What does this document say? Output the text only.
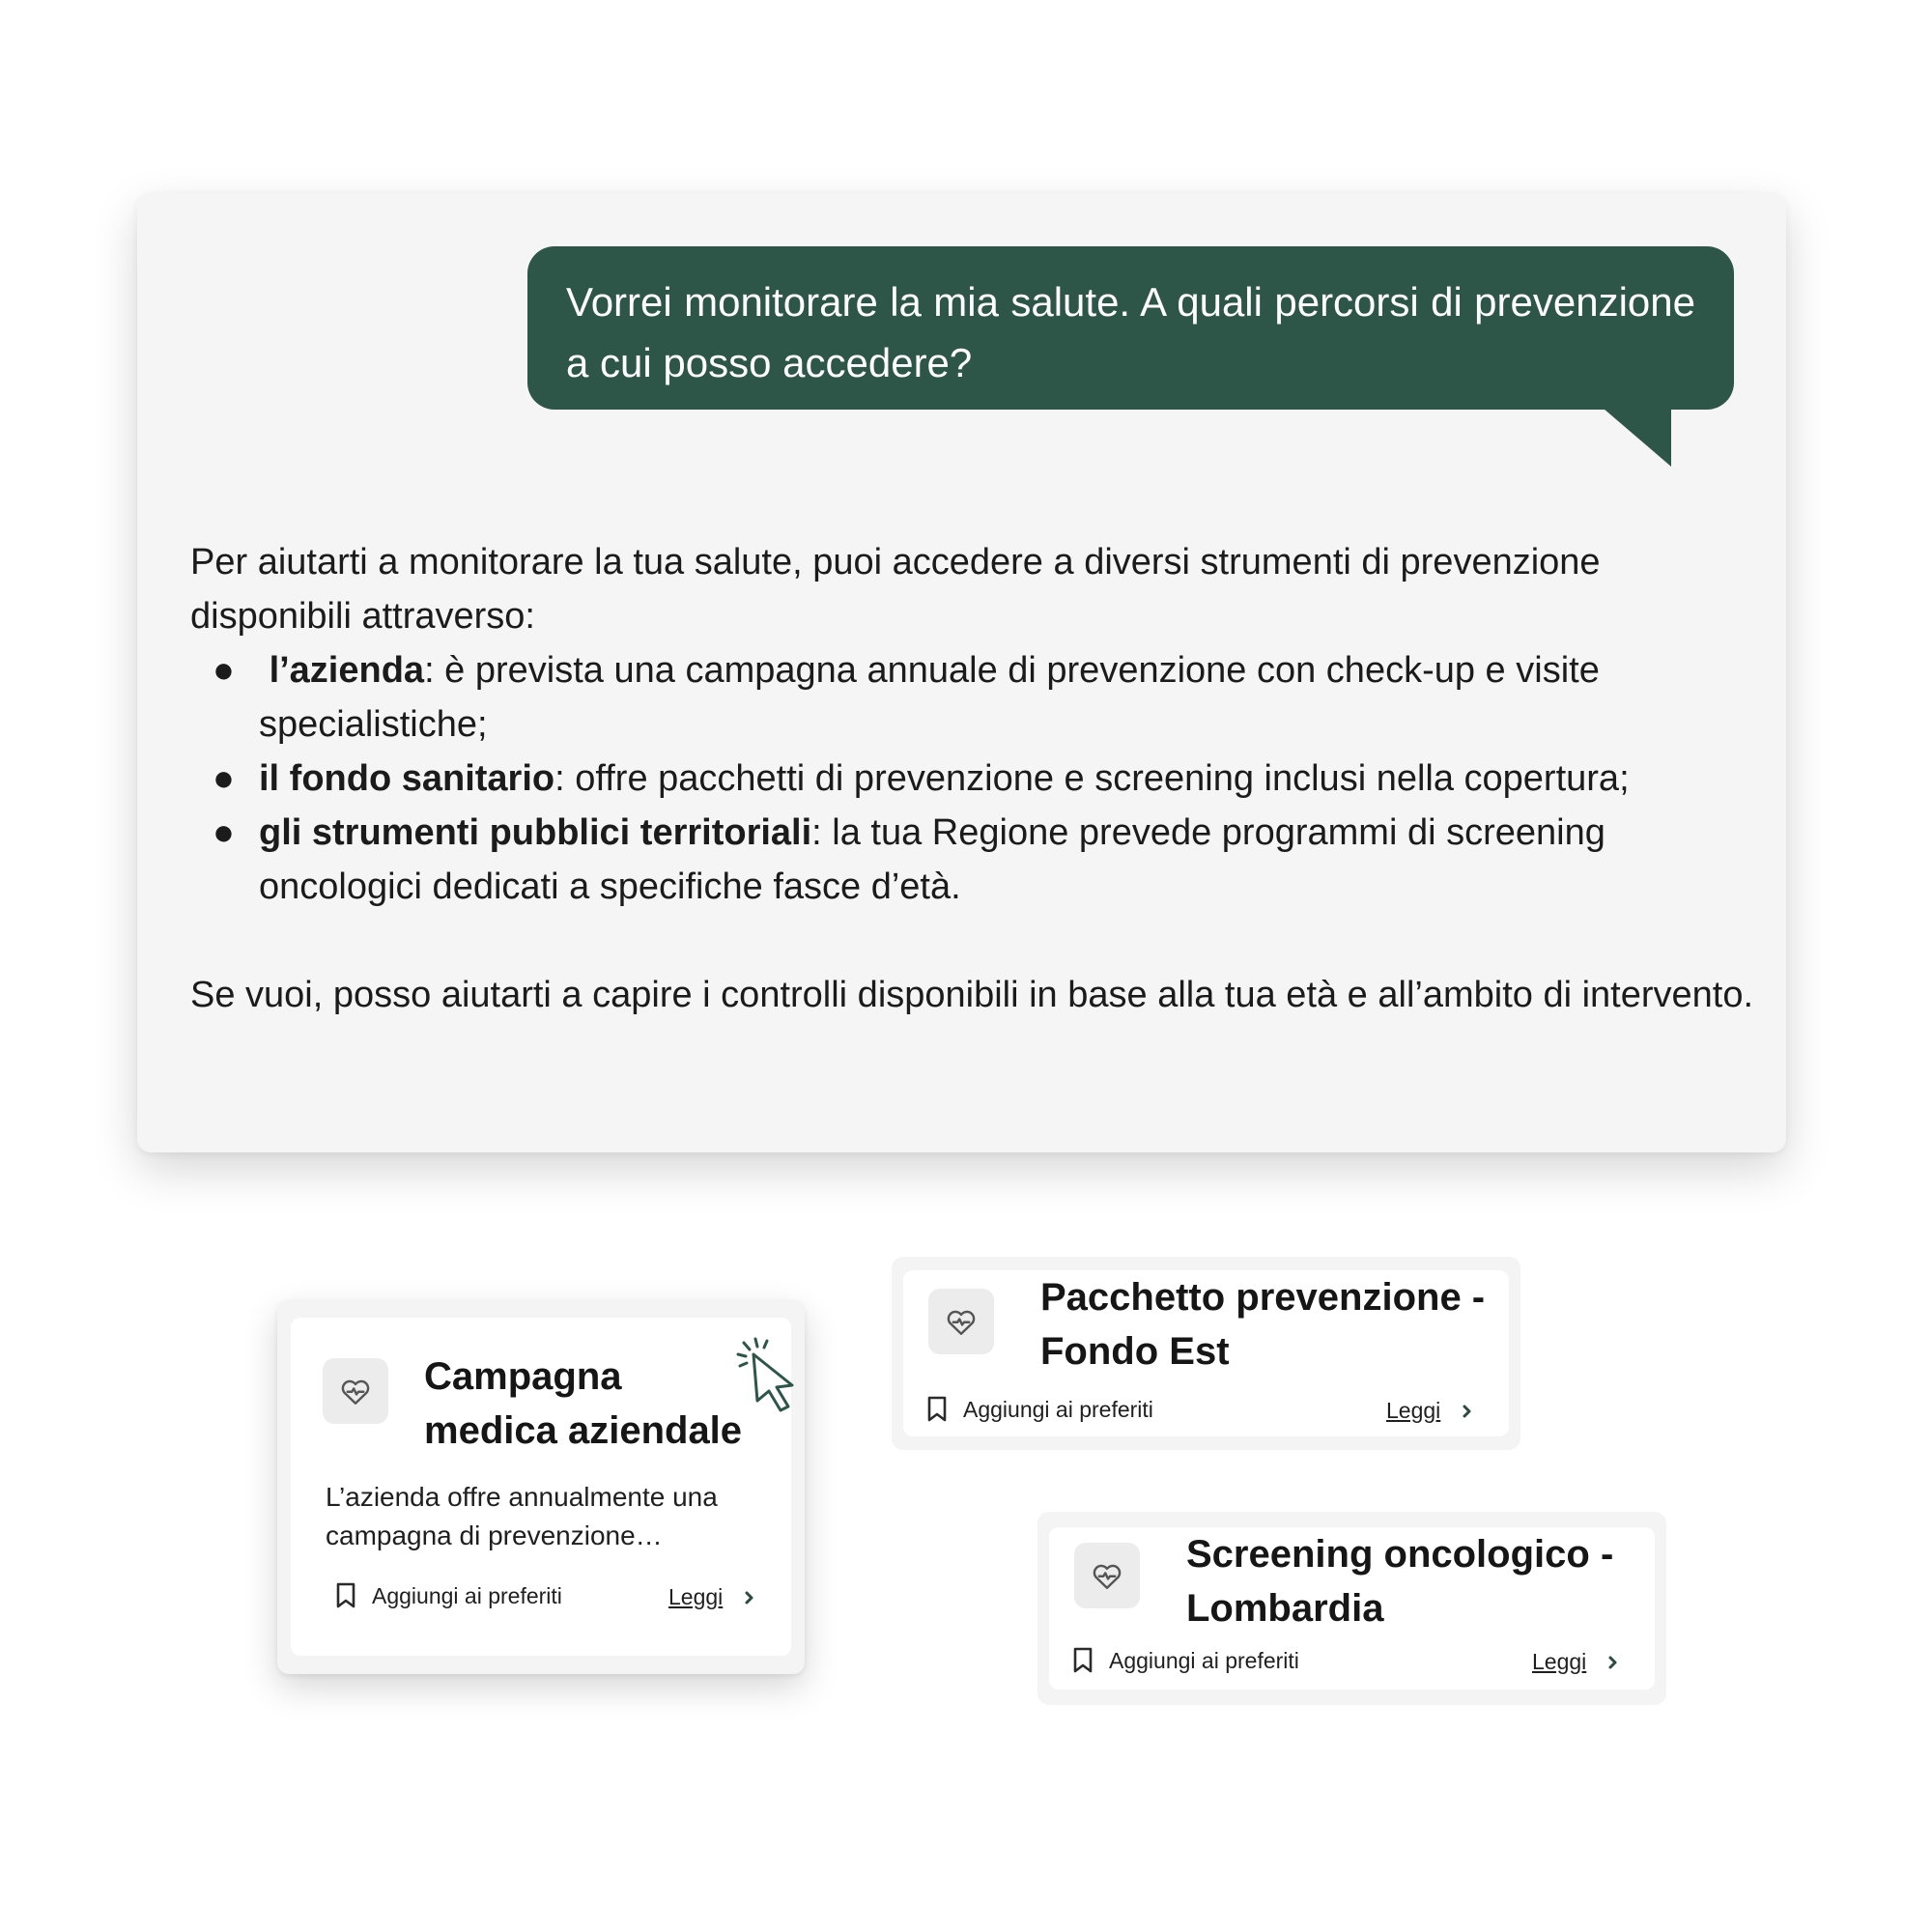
Vorrei monitorare la mia salute. A quali percorsi di prevenzione a cui posso accedere?

Per aiutarti a monitorare la tua salute, puoi accedere a diversi strumenti di prevenzione disponibili attraverso:

● l’azienda: è prevista una campagna annuale di prevenzione con check-up e visite specialistiche;
● il fondo sanitario: offre pacchetti di prevenzione e screening inclusi nella copertura;
● gli strumenti pubblici territoriali: la tua Regione prevede programmi di screening oncologici dedicati a specifiche fasce d’età.

Se vuoi, posso aiutarti a capire i controlli disponibili in base alla tua età e all’ambito di intervento.

Campagna medica aziendale
L’azienda offre annualmente una campagna di prevenzione…
Aggiungi ai preferiti	Leggi
Pacchetto prevenzione - Fondo Est
Aggiungi ai preferiti	Leggi
Screening oncologico - Lombardia
Aggiungi ai preferiti	Leggi
